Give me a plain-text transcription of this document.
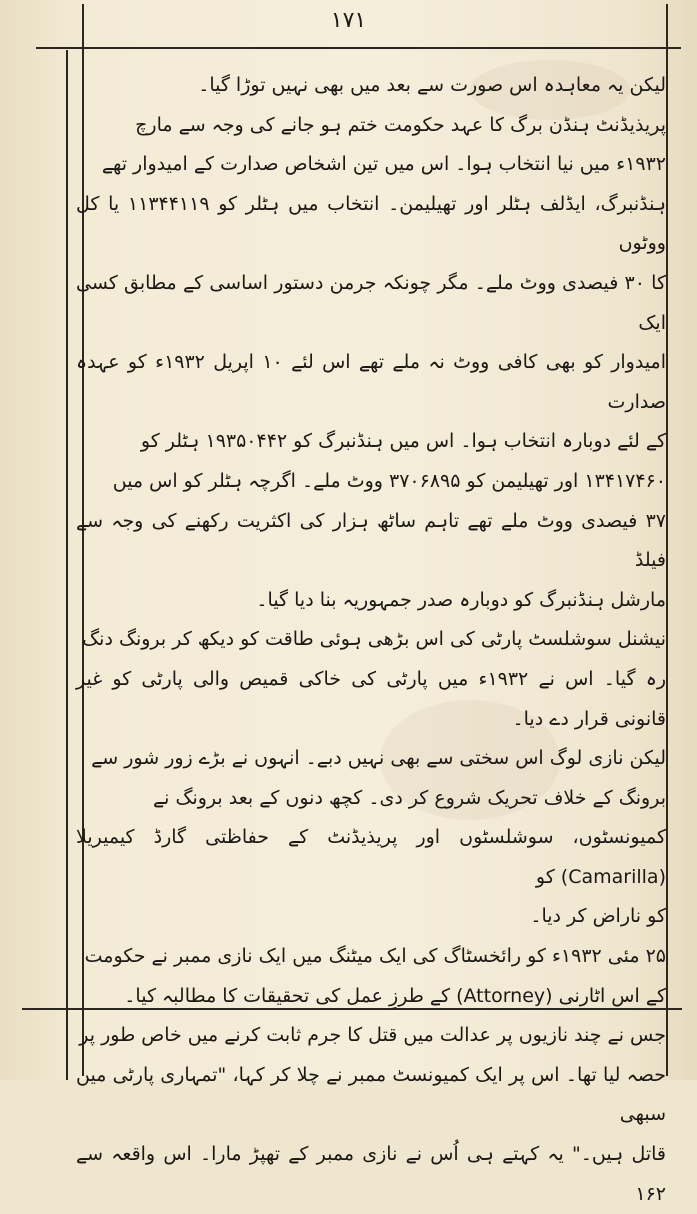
١٧١

لیکن یہ معاہدہ اس صورت سے بعد میں بھی نہیں توڑا گیا۔

پریذیڈنٹ ہنڈن برگ کا عہد حکومت ختم ہو جانے کی وجہ سے مارچ

۱۹۳۲ء میں نیا انتخاب ہوا۔ اس میں تین اشخاص صدارت کے امیدوار تھے

ہنڈنبرگ، ایڈلف ہٹلر اور تھیلیمن۔ انتخاب میں ہٹلر کو ۱۱۳۴۴۱۱۹ یا کل ووٹوں

کا ۳۰ فیصدی ووٹ ملے۔ مگر چونکہ جرمن دستور اساسی کے مطابق کسی ایک

امیدوار کو بھی کافی ووٹ نہ ملے تھے اس لئے ۱۰ اپریل ۱۹۳۲ء کو عہدہ صدارت

کے لئے دوبارہ انتخاب ہوا۔ اس میں ہنڈنبرگ کو ۱۹۳۵۰۴۴۲ ہٹلر کو

۱۳۴۱۷۴۶۰ اور تھیلیمن کو ۳۷۰۶۸۹۵ ووٹ ملے۔ اگرچہ ہٹلر کو اس میں

۳۷ فیصدی ووٹ ملے تھے تاہم ساٹھ ہزار کی اکثریت رکھنے کی وجہ سے فیلڈ

مارشل ہنڈنبرگ کو دوبارہ صدر جمہوریہ بنا دیا گیا۔

نیشنل سوشلسٹ پارٹی کی اس بڑھی ہوئی طاقت کو دیکھ کر برونگ دنگ

رہ گیا۔ اس نے ۱۹۳۲ء میں پارٹی کی خاکی قمیص والی پارٹی کو غیر قانونی قرار دے دیا۔

لیکن نازی لوگ اس سختی سے بھی نہیں دبے۔ انہوں نے بڑے زور شور سے

برونگ کے خلاف تحریک شروع کر دی۔ کچھ دنوں کے بعد برونگ نے

کمیونسٹوں، سوشلسٹوں اور پریذیڈنٹ کے حفاظتی گارڈ کیمیریلا (Camarilla) کو

کو ناراض کر دیا۔

۲۵ مئی ۱۹۳۲ء کو رائخسٹاگ کی ایک میٹنگ میں ایک نازی ممبر نے حکومت

کے اس اٹارنی (Attorney) کے طرزِ عمل کی تحقیقات کا مطالبہ کیا۔

جس نے چند نازیوں پر عدالت میں قتل کا جرم ثابت کرنے میں خاص طور پر

حصہ لیا تھا۔ اس پر ایک کمیونسٹ ممبر نے چلا کر کہا، "تمہاری پارٹی میں سبھی

قاتل ہیں۔" یہ کہتے ہی اُس نے نازی ممبر کے تھپڑ مارا۔ اس واقعہ سے ۱۶۲
